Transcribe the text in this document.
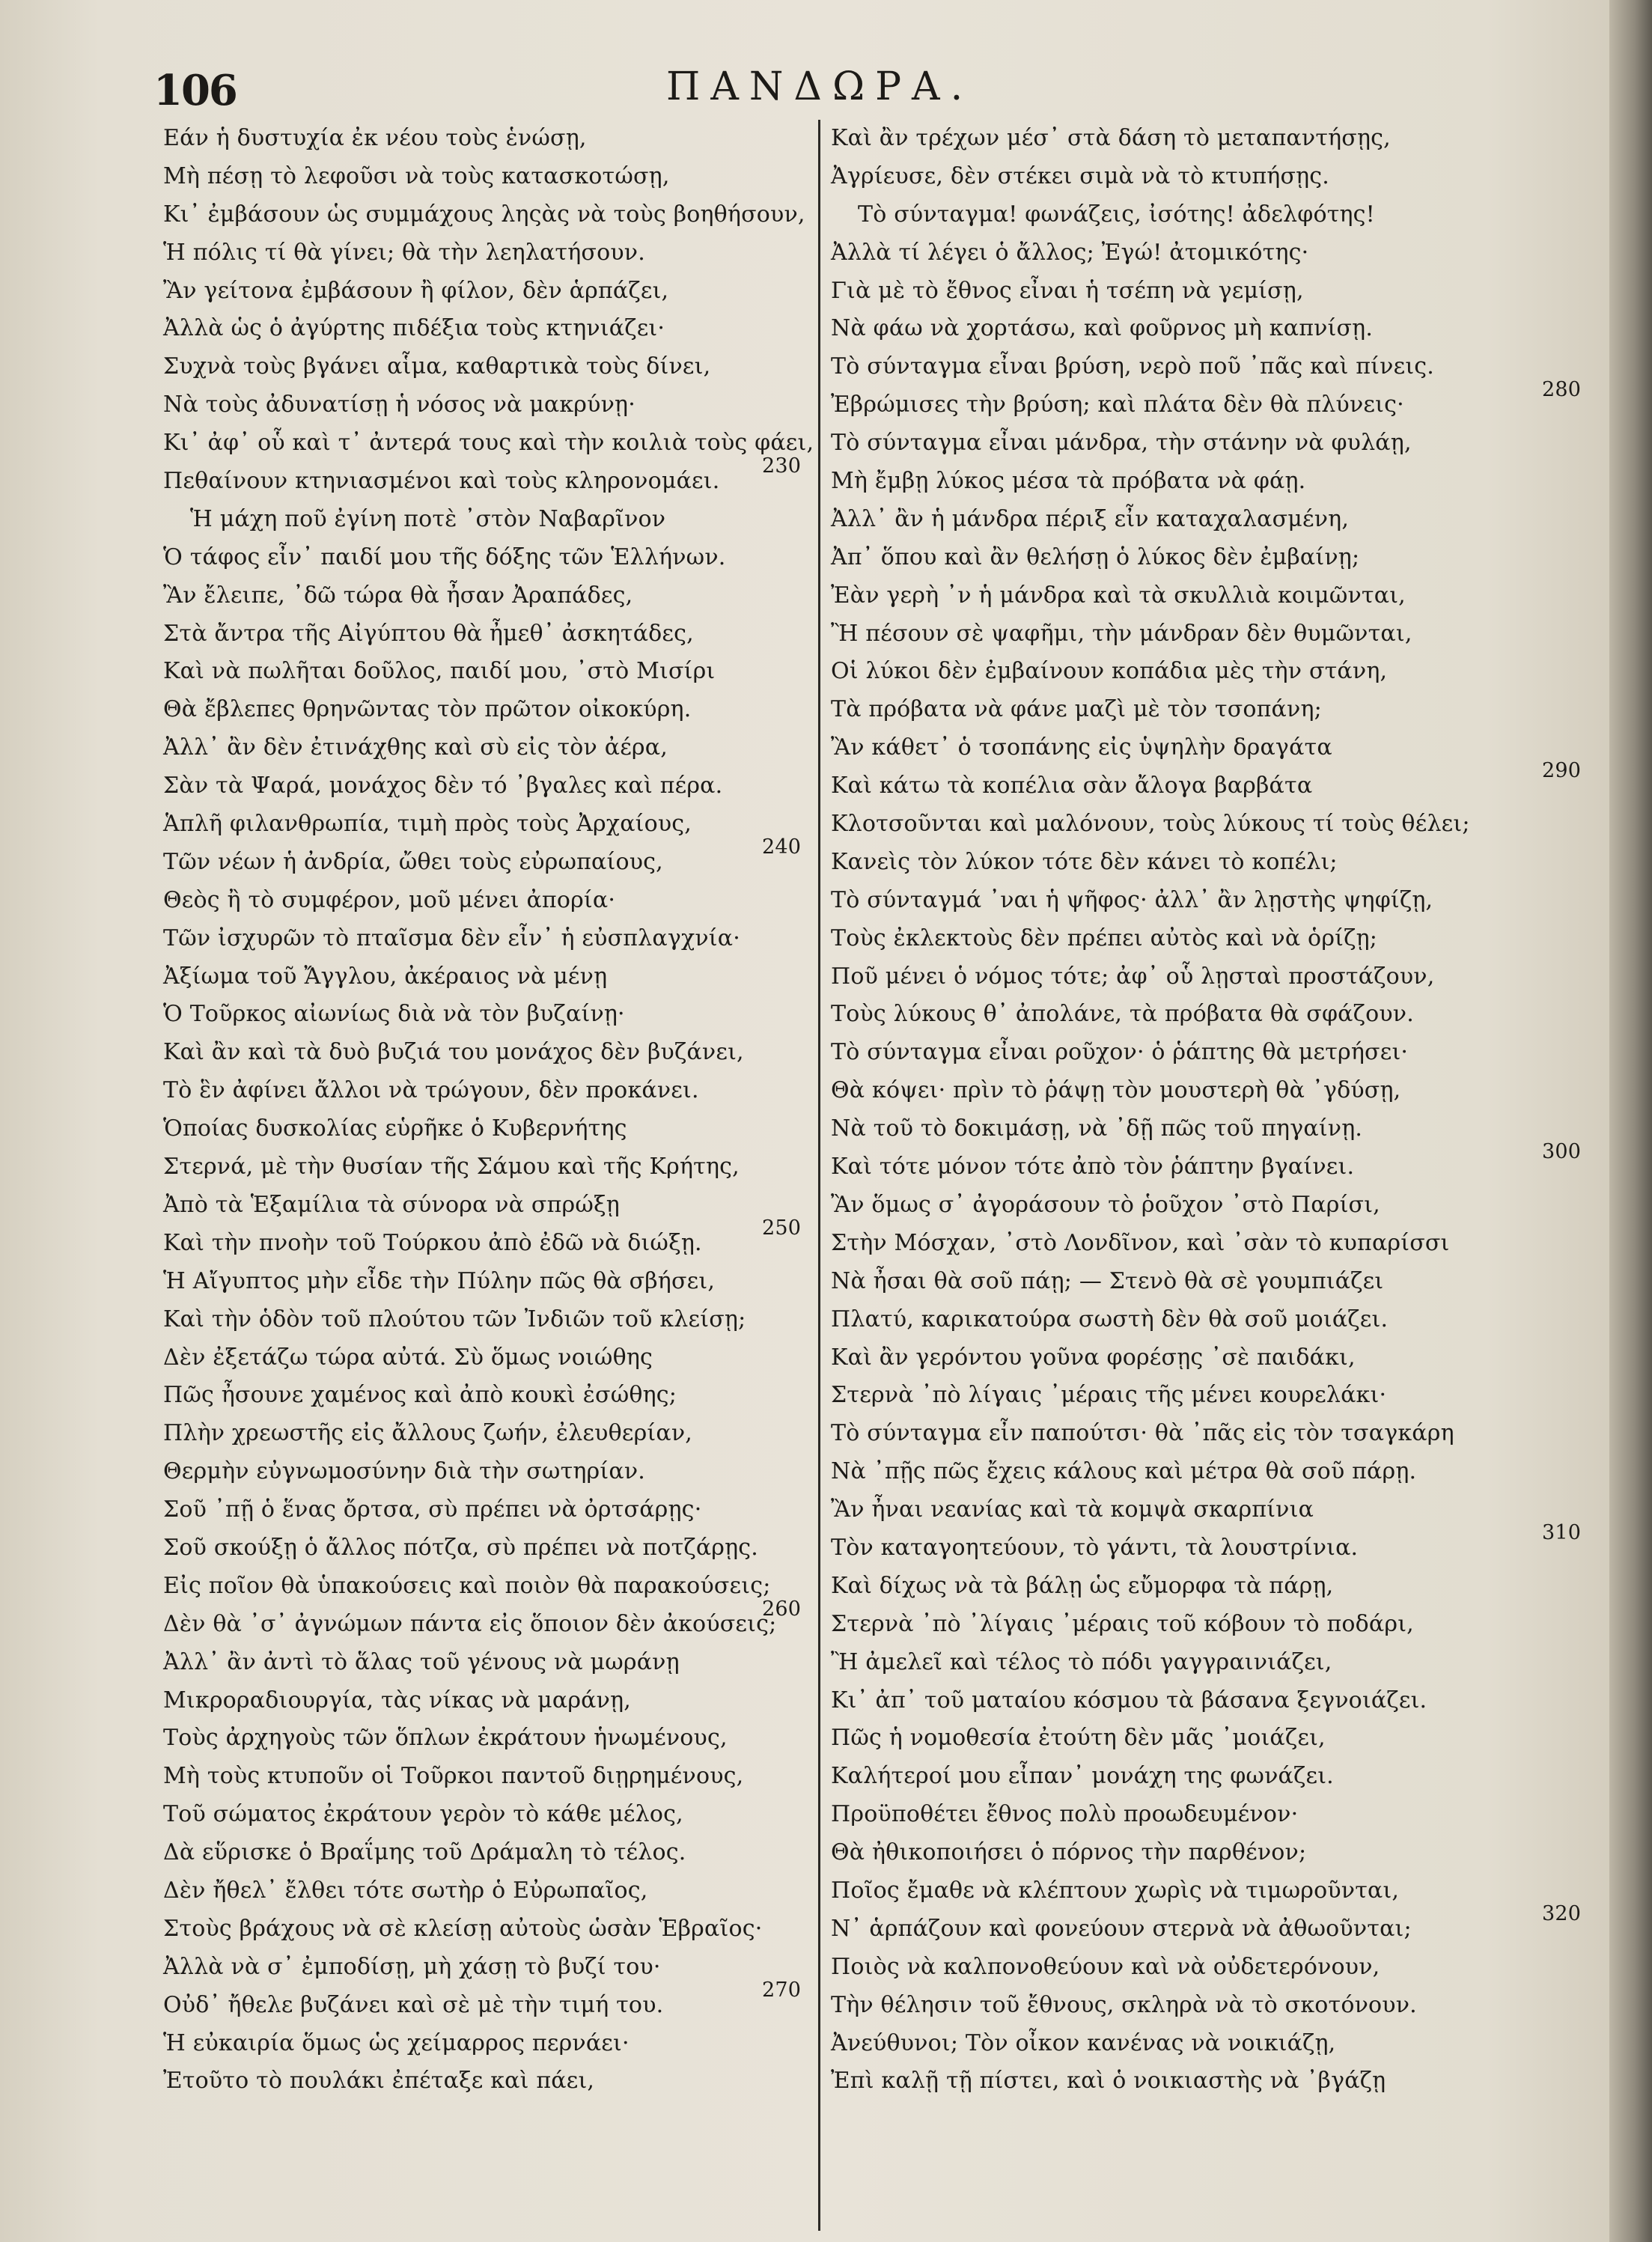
106	ΠΑΝΔΩΡΑ.
Εάν ἡ δυστυχία ἐκ νέου τοὺς ἑνώσῃ,
Μὴ πέσῃ τὸ λεφοῦσι νὰ τοὺς κατασκοτώσῃ,
Κι᾿ ἐμβάσουν ὡς συμμάχους ληςὰς νὰ τοὺς βοηθήσουν,
Ἡ πόλις τί θὰ γίνει; θὰ τὴν λεηλατήσουν.
Ἂν γείτονα ἐμβάσουν ἢ φίλον, δὲν ἁρπάζει,
Ἀλλὰ ὡς ὁ ἀγύρτης πιδέξια τοὺς κτηνιάζει·
Συχνὰ τοὺς βγάνει αἷμα, καθαρτικὰ τοὺς δίνει,
Νὰ τοὺς ἀδυνατίσῃ ἡ νόσος νὰ μακρύνῃ·
Κι᾿ ἀφ᾿ οὗ καὶ τ᾿ ἀντερά τους καὶ τὴν κοιλιὰ τοὺς φάει,
Πεθαίνουν κτηνιασμένοι καὶ τοὺς κληρονομάει.
230
Ἡ μάχη ποῦ ἐγίνη ποτὲ ᾿στὸν Ναβαρῖνον
Ὁ τάφος εἶν᾿ παιδί μου τῆς δόξης τῶν Ἑλλήνων.
Ἂν ἔλειπε, ᾿δῶ τώρα θὰ ἦσαν Ἀραπάδες,
Στὰ ἄντρα τῆς Αἰγύπτου θὰ ἦμεθ᾿ ἀσκητάδες,
Καὶ νὰ πωλῆται δοῦλος, παιδί μου, ᾿στὸ Μισίρι
Θὰ ἔβλεπες θρηνῶντας τὸν πρῶτον οἰκοκύρη.
Ἀλλ᾿ ἂν δὲν ἐτινάχθης καὶ σὺ εἰς τὸν ἀέρα,
Σὰν τὰ Ψαρά, μονάχος δὲν τό ᾿βγαλες καὶ πέρα.
Ἁπλῆ φιλανθρωπία, τιμὴ πρὸς τοὺς Ἀρχαίους,
Τῶν νέων ἡ ἀνδρία, ὤθει τοὺς εὐρωπαίους,
240
Θεὸς ἢ τὸ συμφέρον, μοῦ μένει ἀπορία·
Τῶν ἰσχυρῶν τὸ πταῖσμα δὲν εἶν᾿ ἡ εὐσπλαγχνία·
Ἀξίωμα τοῦ Ἄγγλου, ἀκέραιος νὰ μένῃ
Ὁ Τοῦρκος αἰωνίως διὰ νὰ τὸν βυζαίνῃ·
Καὶ ἂν καὶ τὰ δυὸ βυζιά του μονάχος δὲν βυζάνει,
Τὸ ἓν ἀφίνει ἄλλοι νὰ τρώγουν, δὲν προκάνει.
Ὁποίας δυσκολίας εὑρῆκε ὁ Κυβερνήτης
Στερνά, μὲ τὴν θυσίαν τῆς Σάμου καὶ τῆς Κρήτης,
Ἀπὸ τὰ Ἑξαμίλια τὰ σύνορα νὰ σπρώξῃ
Καὶ τὴν πνοὴν τοῦ Τούρκου ἀπὸ ἐδῶ νὰ διώξῃ.
250
Ἡ Αἴγυπτος μὴν εἶδε τὴν Πύλην πῶς θὰ σβήσει,
Καὶ τὴν ὁδὸν τοῦ πλούτου τῶν Ἰνδιῶν τοῦ κλείσῃ;
Δὲν ἐξετάζω τώρα αὐτά. Σὺ ὅμως νοιώθης
Πῶς ἦσουνε χαμένος καὶ ἀπὸ κουκὶ ἐσώθης;
Πλὴν χρεωστῆς εἰς ἄλλους ζωήν, ἐλευθερίαν,
Θερμὴν εὐγνωμοσύνην διὰ τὴν σωτηρίαν.
Σοῦ ᾿πῇ ὁ ἕνας ὄρτσα, σὺ πρέπει νὰ ὀρτσάρῃς·
Σοῦ σκούξῃ ὁ ἄλλος πότζα, σὺ πρέπει νὰ ποτζάρῃς.
Εἰς ποῖον θὰ ὑπακούσεις καὶ ποιὸν θὰ παρακούσεις;
Δὲν θὰ ᾿σ᾿ ἀγνώμων πάντα εἰς ὅποιον δὲν ἀκούσεις;
260
Ἀλλ᾿ ἂν ἀντὶ τὸ ἅλας τοῦ γένους νὰ μωράνῃ
Μικροραδιουργία, τὰς νίκας νὰ μαράνῃ,
Τοὺς ἀρχηγοὺς τῶν ὅπλων ἐκράτουν ἡνωμένους,
Μὴ τοὺς κτυποῦν οἱ Τοῦρκοι παντοῦ διῃρημένους,
Τοῦ σώματος ἐκράτουν γερὸν τὸ κάθε μέλος,
Δὰ εὕρισκε ὁ Βραΐμης τοῦ Δράμαλη τὸ τέλος.
Δὲν ἤθελ᾿ ἔλθει τότε σωτὴρ ὁ Εὐρωπαῖος,
Στοὺς βράχους νὰ σὲ κλείσῃ αὐτοὺς ὡσὰν Ἑβραῖος·
Ἀλλὰ νὰ σ᾿ ἐμποδίσῃ, μὴ χάσῃ τὸ βυζί του·
Οὐδ᾿ ἤθελε βυζάνει καὶ σὲ μὲ τὴν τιμή του.
270
Ἡ εὐκαιρία ὅμως ὡς χείμαρρος περνάει·
Ἐτοῦτο τὸ πουλάκι ἐπέταξε καὶ πάει,
Καὶ ἂν τρέχων μέσ᾿ στὰ δάση τὸ μεταπαντήσῃς,
Ἀγρίευσε, δὲν στέκει σιμὰ νὰ τὸ κτυπήσῃς.
Τὸ σύνταγμα! φωνάζεις, ἰσότης! ἀδελφότης!
Ἀλλὰ τί λέγει ὁ ἄλλος; Ἐγώ! ἀτομικότης·
Γιὰ μὲ τὸ ἔθνος εἶναι ἡ τσέπη νὰ γεμίσῃ,
Νὰ φάω νὰ χορτάσω, καὶ φοῦρνος μὴ καπνίσῃ.
Τὸ σύνταγμα εἶναι βρύση, νερὸ ποῦ ᾿πᾶς καὶ πίνεις.
Ἐβρώμισες τὴν βρύση; καὶ πλάτα δὲν θὰ πλύνεις·
280
Τὸ σύνταγμα εἶναι μάνδρα, τὴν στάνην νὰ φυλάῃ,
Μὴ ἔμβῃ λύκος μέσα τὰ πρόβατα νὰ φάῃ.
Ἀλλ᾿ ἂν ἡ μάνδρα πέριξ εἶν καταχαλασμένη,
Ἀπ᾿ ὅπου καὶ ἂν θελήσῃ ὁ λύκος δὲν ἐμβαίνῃ;
Ἐὰν γερὴ ᾿ν ἡ μάνδρα καὶ τὰ σκυλλιὰ κοιμῶνται,
Ἢ πέσουν σὲ ψαφῆμι, τὴν μάνδραν δὲν θυμῶνται,
Οἱ λύκοι δὲν ἐμβαίνουν κοπάδια μὲς τὴν στάνη,
Τὰ πρόβατα νὰ φάνε μαζὶ μὲ τὸν τσοπάνη;
Ἂν κάθετ᾿ ὁ τσοπάνης εἰς ὑψηλὴν δραγάτα
Καὶ κάτω τὰ κοπέλια σὰν ἄλογα βαρβάτα
290
Κλοτσοῦνται καὶ μαλόνουν, τοὺς λύκους τί τοὺς θέλει;
Κανεὶς τὸν λύκον τότε δὲν κάνει τὸ κοπέλι;
Τὸ σύνταγμά ᾿ναι ἡ ψῆφος· ἀλλ᾿ ἂν λῃστὴς ψηφίζῃ,
Τοὺς ἐκλεκτοὺς δὲν πρέπει αὐτὸς καὶ νὰ ὁρίζῃ;
Ποῦ μένει ὁ νόμος τότε; ἀφ᾿ οὗ λῃσταὶ προστάζουν,
Τοὺς λύκους θ᾿ ἀπολάνε, τὰ πρόβατα θὰ σφάζουν.
Τὸ σύνταγμα εἶναι ροῦχον· ὁ ῥάπτης θὰ μετρήσει·
Θὰ κόψει· πρὶν τὸ ῥάψῃ τὸν μουστερὴ θὰ ᾿γδύσῃ,
Νὰ τοῦ τὸ δοκιμάσῃ, νὰ ᾿δῇ πῶς τοῦ πηγαίνῃ.
Καὶ τότε μόνον τότε ἀπὸ τὸν ῥάπτην βγαίνει.
300
Ἂν ὅμως σ᾿ ἀγοράσουν τὸ ῥοῦχον ᾿στὸ Παρίσι,
Στὴν Μόσχαν, ᾿στὸ Λονδῖνον, καὶ ᾿σὰν τὸ κυπαρίσσι
Νὰ ἦσαι θὰ σοῦ πάῃ; — Στενὸ θὰ σὲ γουμπιάζει
Πλατύ, καρικατούρα σωστὴ δὲν θὰ σοῦ μοιάζει.
Καὶ ἂν γερόντου γοῦνα φορέσῃς ᾿σὲ παιδάκι,
Στερνὰ ᾿πὸ λίγαις ᾿μέραις τῆς μένει κουρελάκι·
Τὸ σύνταγμα εἶν παπούτσι· θὰ ᾿πᾶς εἰς τὸν τσαγκάρη
Νὰ ᾿πῇς πῶς ἔχεις κάλους καὶ μέτρα θὰ σοῦ πάρῃ.
Ἂν ἦναι νεανίας καὶ τὰ κομψὰ σκαρπίνια
Τὸν καταγοητεύουν, τὸ γάντι, τὰ λουστρίνια.
310
Καὶ δίχως νὰ τὰ βάλῃ ὡς εὔμορφα τὰ πάρῃ,
Στερνὰ ᾿πὸ ᾿λίγαις ᾿μέραις τοῦ κόβουν τὸ ποδάρι,
Ἢ ἀμελεῖ καὶ τέλος τὸ πόδι γαγγραινιάζει,
Κι᾿ ἀπ᾿ τοῦ ματαίου κόσμου τὰ βάσανα ξεγνοιάζει.
Πῶς ἡ νομοθεσία ἐτούτη δὲν μᾶς ᾿μοιάζει,
Καλήτεροί μου εἶπαν᾿ μονάχη της φωνάζει.
Προϋποθέτει ἔθνος πολὺ προωδευμένον·
Θὰ ἠθικοποιήσει ὁ πόρνος τὴν παρθένον;
Ποῖος ἔμαθε νὰ κλέπτουν χωρὶς νὰ τιμωροῦνται,
Ν᾿ ἁρπάζουν καὶ φονεύουν στερνὰ νὰ ἀθωοῦνται;
320
Ποιὸς νὰ καλπονοθεύουν καὶ νὰ οὐδετερόνουν,
Τὴν θέλησιν τοῦ ἔθνους, σκληρὰ νὰ τὸ σκοτόνουν.
Ἀνεύθυνοι; Τὸν οἶκον κανένας νὰ νοικιάζῃ,
Ἐπὶ καλῇ τῇ πίστει, καὶ ὁ νοικιαστὴς νὰ ᾿βγάζῃ
